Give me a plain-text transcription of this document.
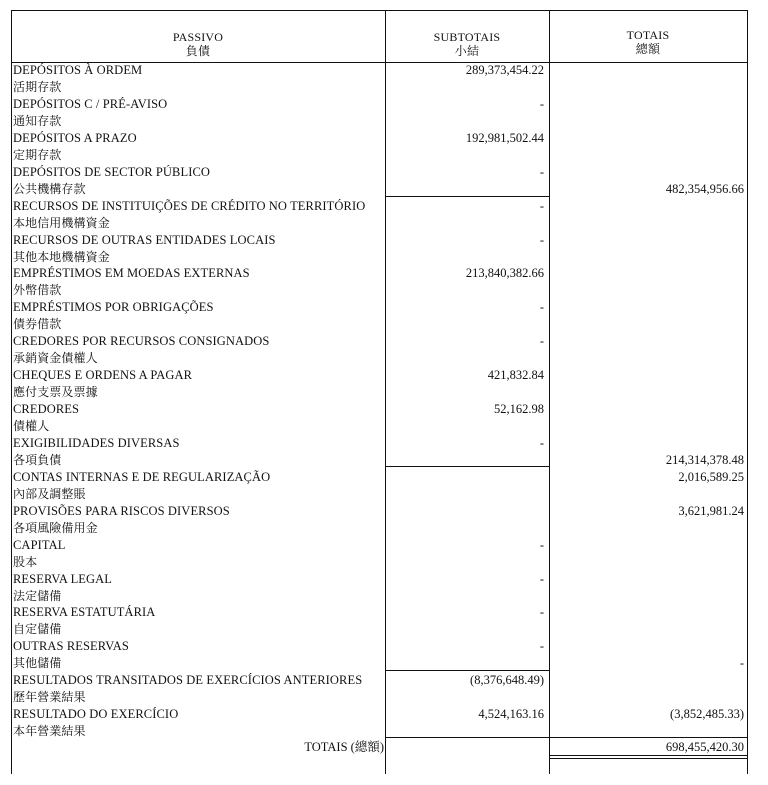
PASSIVO
負債
SUBTOTAIS
小結
TOTAIS
總額
DEPÓSITOS À ORDEM
活期存款
289,373,454.22
DEPÓSITOS C / PRÉ-AVISO
通知存款
-
DEPÓSITOS A PRAZO
定期存款
192,981,502.44
DEPÓSITOS DE SECTOR PÚBLICO
公共機構存款
-
482,354,956.66
RECURSOS DE INSTITUIÇÕES DE CRÉDITO NO TERRITÓRIO
本地信用機構資金
-
RECURSOS DE OUTRAS ENTIDADES LOCAIS
其他本地機構資金
-
EMPRÉSTIMOS EM MOEDAS EXTERNAS
外幣借款
213,840,382.66
EMPRÉSTIMOS POR OBRIGAÇÕES
債券借款
-
CREDORES POR RECURSOS CONSIGNADOS
承銷資金債權人
-
CHEQUES E ORDENS A PAGAR
應付支票及票據
421,832.84
CREDORES
債權人
52,162.98
EXIGIBILIDADES DIVERSAS
各項負債
-
214,314,378.48
CONTAS INTERNAS E DE REGULARIZAÇÃO
內部及調整賬
2,016,589.25
PROVISÕES PARA RISCOS DIVERSOS
各項風險備用金
3,621,981.24
CAPITAL
股本
-
RESERVA LEGAL
法定儲備
-
RESERVA ESTATUTÁRIA
自定儲備
-
OUTRAS RESERVAS
其他儲備
-
-
RESULTADOS TRANSITADOS DE EXERCÍCIOS ANTERIORES
歷年營業結果
(8,376,648.49)
RESULTADO DO EXERCÍCIO
本年營業結果
4,524,163.16	(3,852,485.33)
TOTAIS (總額)	698,455,420.30
